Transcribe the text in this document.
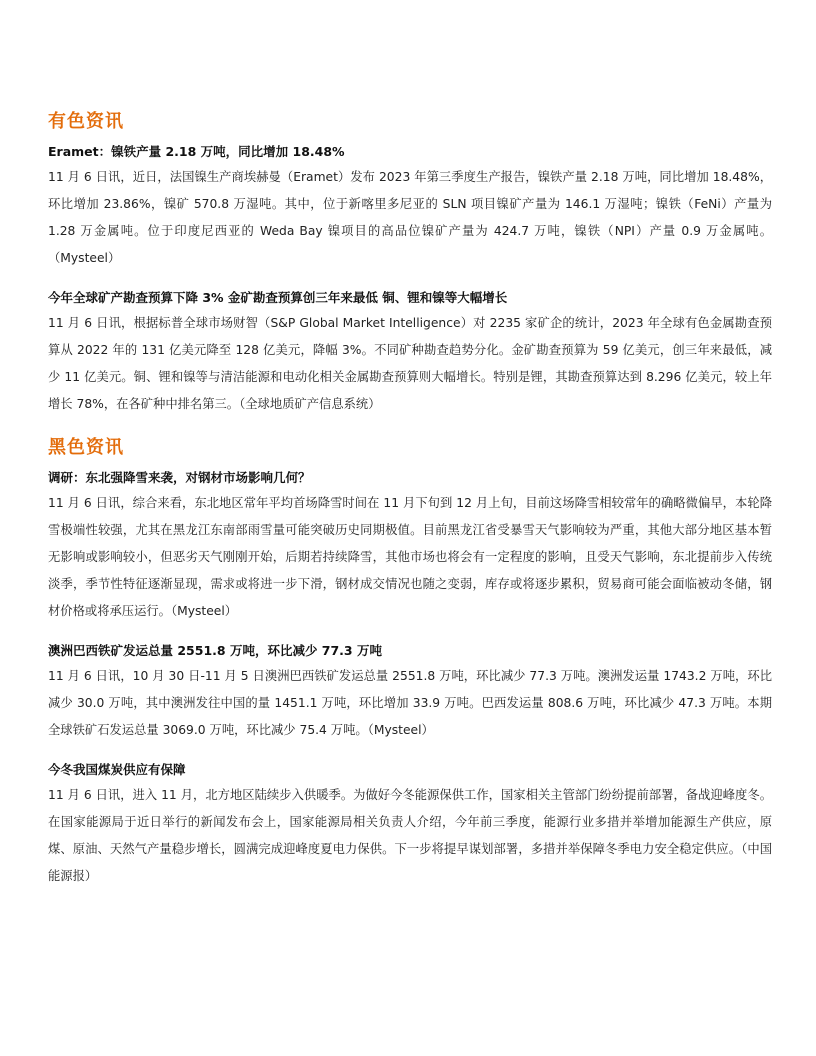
有色资讯
Eramet：镍铁产量 2.18 万吨，同比增加 18.48%

11 月 6 日讯，近日，法国镍生产商埃赫曼（Eramet）发布 2023 年第三季度生产报告，镍铁产量 2.18 万吨，同比增加 18.48%，环比增加 23.86%，镍矿 570.8 万湿吨。其中，位于新喀里多尼亚的 SLN 项目镍矿产量为 146.1 万湿吨；镍铁（FeNi）产量为 1.28 万金属吨。位于印度尼西亚的 Weda Bay 镍项目的高品位镍矿产量为 424.7 万吨，镍铁（NPI）产量 0.9 万金属吨。（Mysteel）

今年全球矿产勘查预算下降 3% 金矿勘查预算创三年来最低 铜、锂和镍等大幅增长

11 月 6 日讯，根据标普全球市场财智（S&P Global Market Intelligence）对 2235 家矿企的统计，2023 年全球有色金属勘查预算从 2022 年的 131 亿美元降至 128 亿美元，降幅 3%。不同矿种勘查趋势分化。金矿勘查预算为 59 亿美元，创三年来最低，减少 11 亿美元。铜、锂和镍等与清洁能源和电动化相关金属勘查预算则大幅增长。特别是锂，其勘查预算达到 8.296 亿美元，较上年增长 78%，在各矿种中排名第三。（全球地质矿产信息系统）

黑色资讯
调研：东北强降雪来袭，对钢材市场影响几何？

11 月 6 日讯，综合来看，东北地区常年平均首场降雪时间在 11 月下旬到 12 月上旬，目前这场降雪相较常年的确略微偏早，本轮降雪极端性较强，尤其在黑龙江东南部雨雪量可能突破历史同期极值。目前黑龙江省受暴雪天气影响较为严重，其他大部分地区基本暂无影响或影响较小，但恶劣天气刚刚开始，后期若持续降雪，其他市场也将会有一定程度的影响，且受天气影响，东北提前步入传统淡季，季节性特征逐渐显现，需求或将进一步下滑，钢材成交情况也随之变弱，库存或将逐步累积，贸易商可能会面临被动冬储，钢材价格或将承压运行。（Mysteel）

澳洲巴西铁矿发运总量 2551.8 万吨，环比减少 77.3 万吨

11 月 6 日讯，10 月 30 日-11 月 5 日澳洲巴西铁矿发运总量 2551.8 万吨，环比减少 77.3 万吨。澳洲发运量 1743.2 万吨，环比减少 30.0 万吨，其中澳洲发往中国的量 1451.1 万吨，环比增加 33.9 万吨。巴西发运量 808.6 万吨，环比减少 47.3 万吨。本期全球铁矿石发运总量 3069.0 万吨，环比减少 75.4 万吨。（Mysteel）

今冬我国煤炭供应有保障

11 月 6 日讯，进入 11 月，北方地区陆续步入供暖季。为做好今冬能源保供工作，国家相关主管部门纷纷提前部署，备战迎峰度冬。在国家能源局于近日举行的新闻发布会上，国家能源局相关负责人介绍，今年前三季度，能源行业多措并举增加能源生产供应，原煤、原油、天然气产量稳步增长，圆满完成迎峰度夏电力保供。下一步将提早谋划部署，多措并举保障冬季电力安全稳定供应。（中国能源报）
